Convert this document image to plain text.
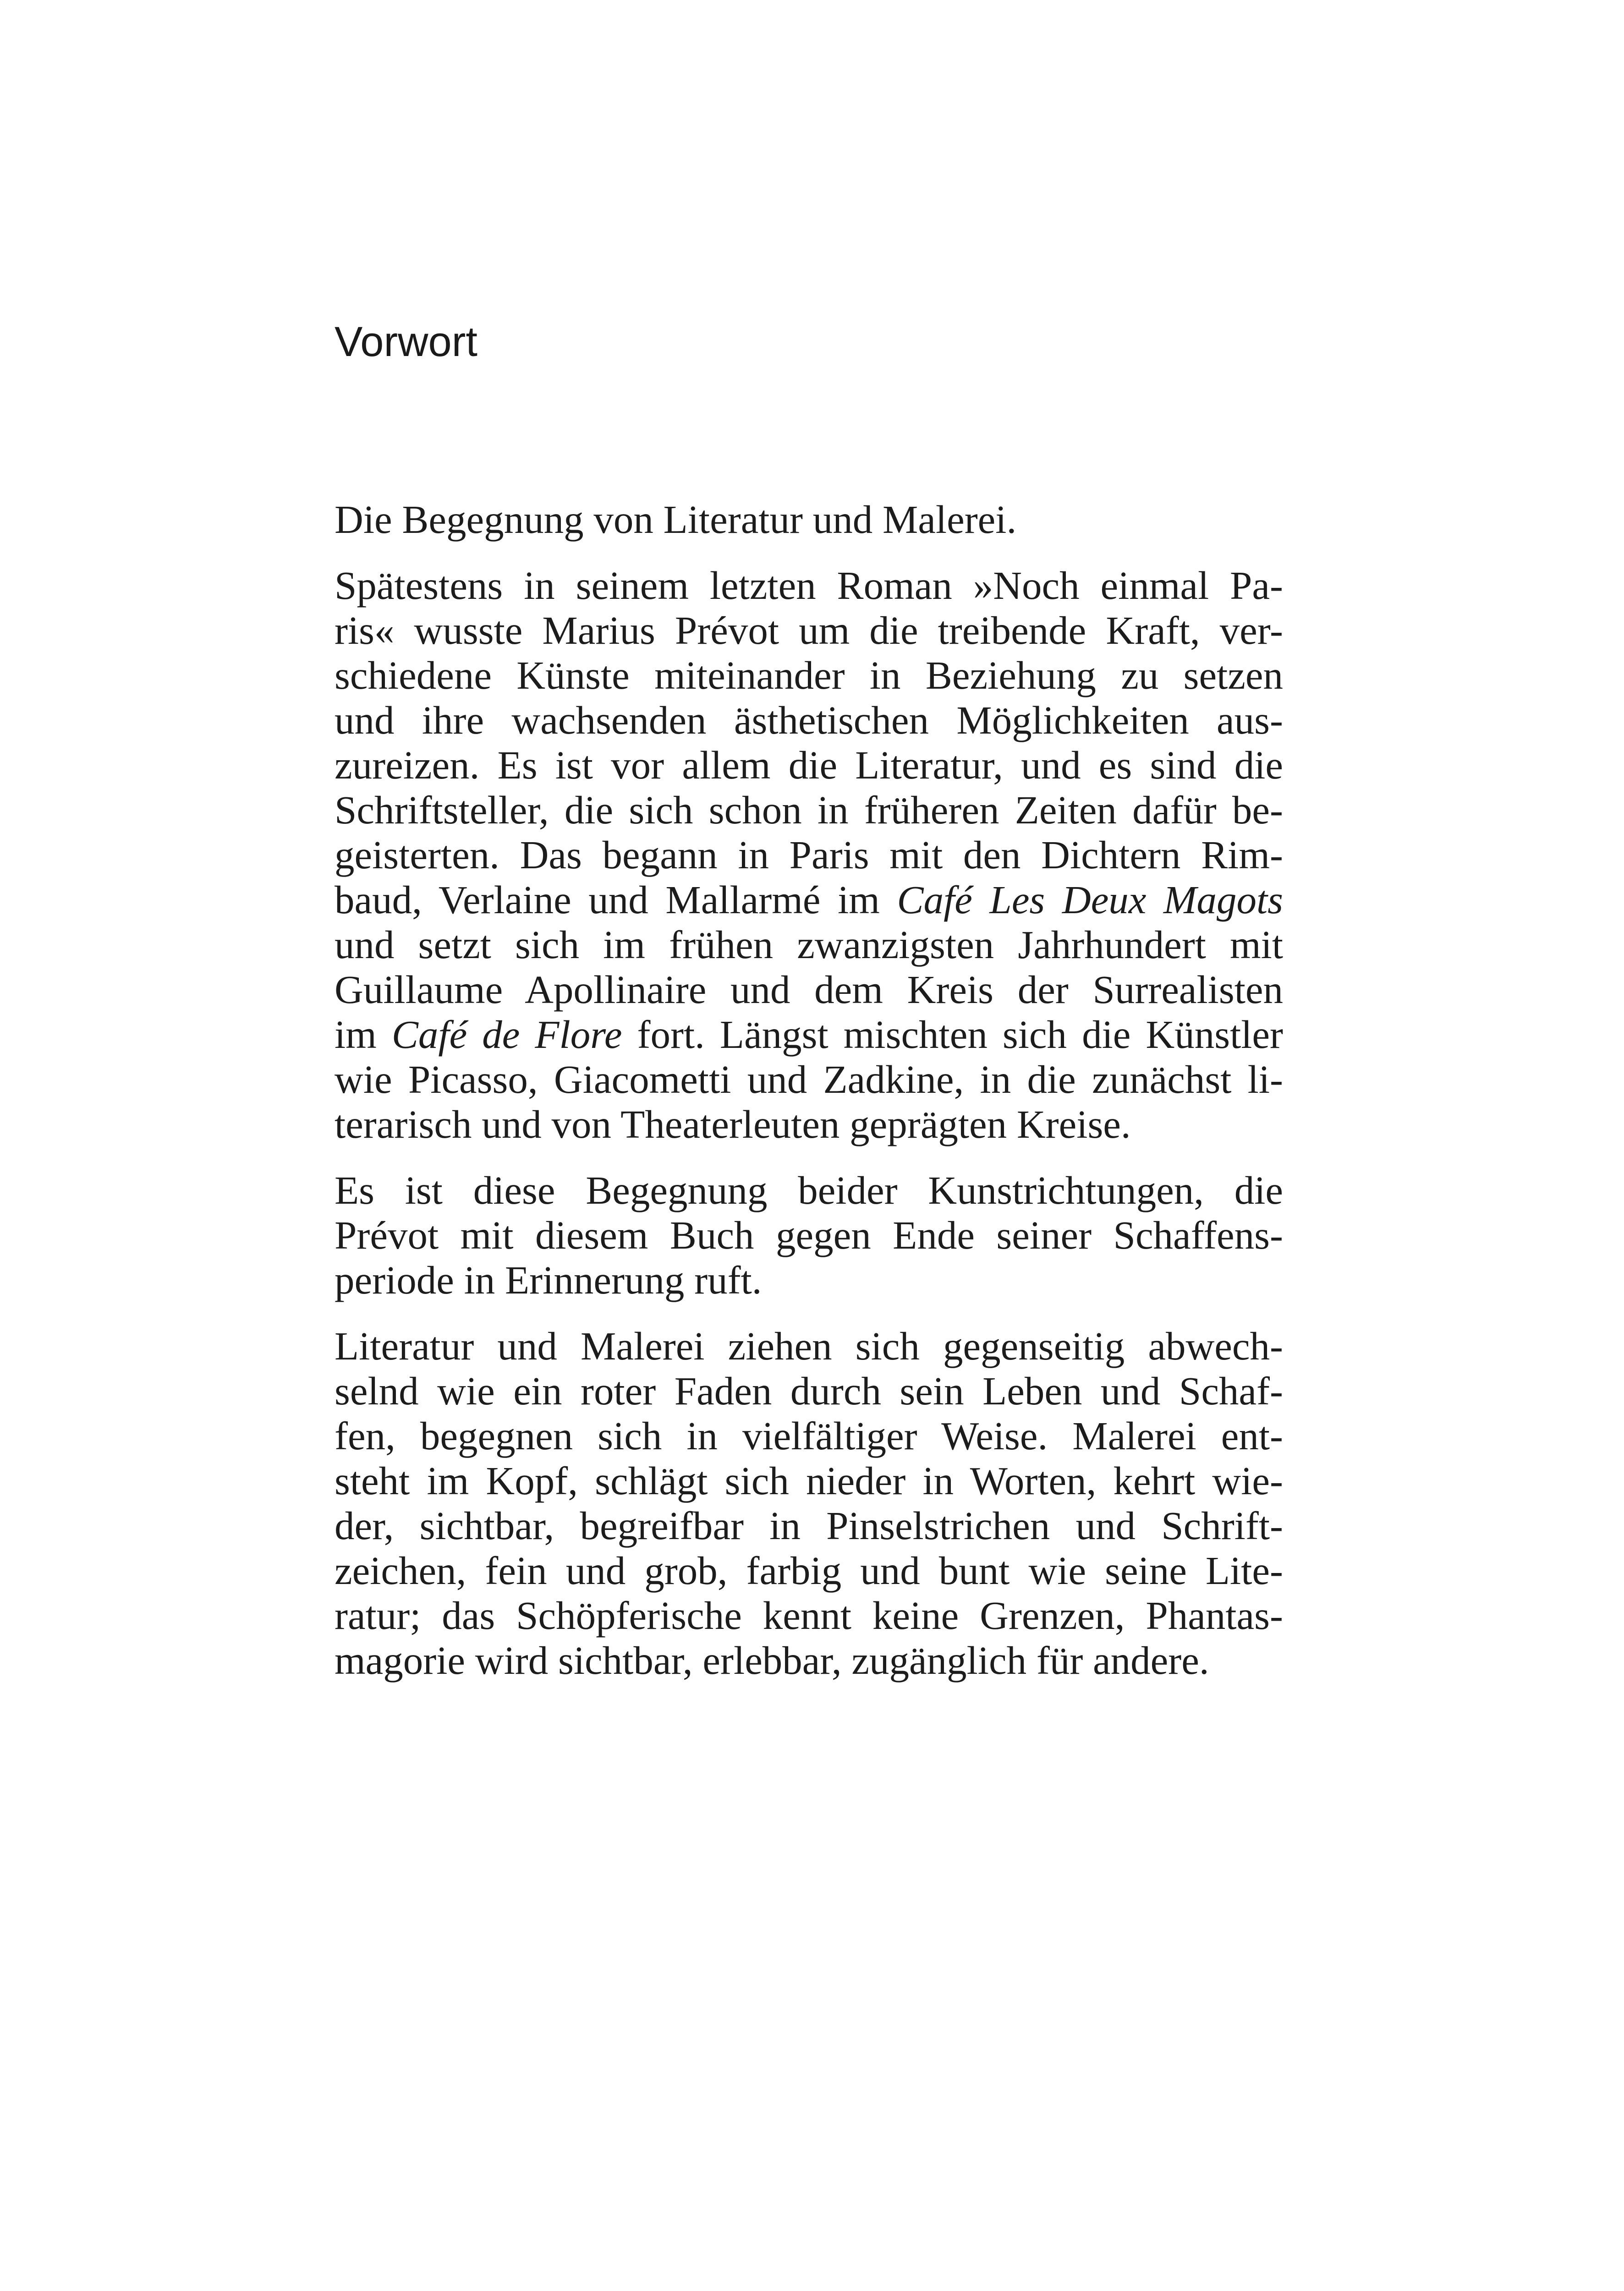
Vorwort

Die Begegnung von Literatur und Malerei.

Spätestens in seinem letzten Roman »Noch einmal Pa-
ris« wusste Marius Prévot um die treibende Kraft, ver-
schiedene Künste miteinander in Beziehung zu setzen
und ihre wachsenden ästhetischen Möglichkeiten aus-
zureizen. Es ist vor allem die Literatur, und es sind die
Schriftsteller, die sich schon in früheren Zeiten dafür be-
geisterten. Das begann in Paris mit den Dichtern Rim-
baud, Verlaine und Mallarmé im Café Les Deux Magots
und setzt sich im frühen zwanzigsten Jahrhundert mit
Guillaume Apollinaire und dem Kreis der Surrealisten
im Café de Flore fort. Längst mischten sich die Künstler
wie Picasso, Giacometti und Zadkine, in die zunächst li-
terarisch und von Theaterleuten geprägten Kreise.

Es ist diese Begegnung beider Kunstrichtungen, die
Prévot mit diesem Buch gegen Ende seiner Schaffens-
periode in Erinnerung ruft.

Literatur und Malerei ziehen sich gegenseitig abwech-
selnd wie ein roter Faden durch sein Leben und Schaf-
fen, begegnen sich in vielfältiger Weise. Malerei ent-
steht im Kopf, schlägt sich nieder in Worten, kehrt wie-
der, sichtbar, begreifbar in Pinselstrichen und Schrift-
zeichen, fein und grob, farbig und bunt wie seine Lite-
ratur; das Schöpferische kennt keine Grenzen, Phantas-
magorie wird sichtbar, erlebbar, zugänglich für andere.
